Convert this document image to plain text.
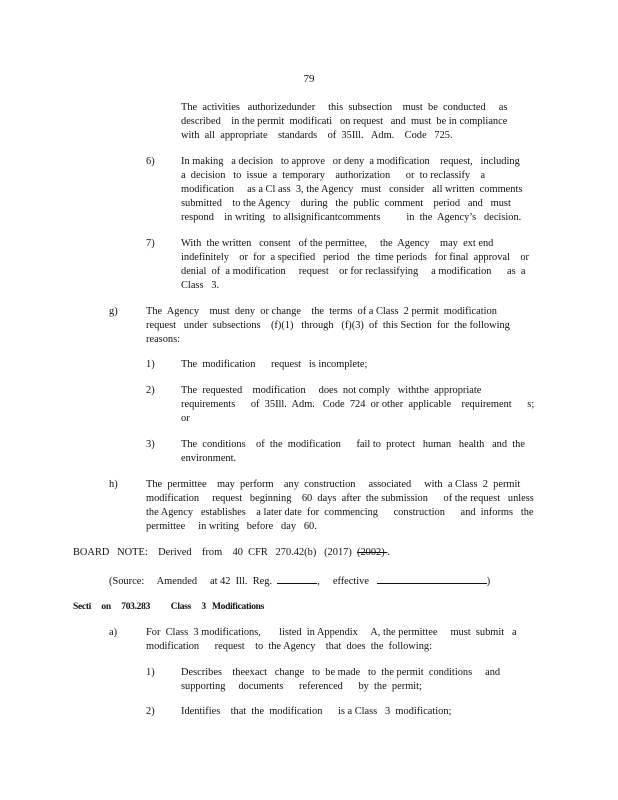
79
The  activities   authorizedunder     this  subsection    must  be  conducted     as
described    in the permit  modificati   on request   and  must  be in compliance
with  all  appropriate    standards    of  35Ill.   Adm.    Code   725.
6)	In making   a decision   to approve   or deny  a modification    request,   including
a  decision   to  issue  a  temporary    authorization      or  to reclassify    a
modification     as a Cl ass  3, the Agency   must   consider   all written  comments
submitted    to the Agency    during   the  public  comment    period   and   must
respond    in writing   to allsignificantcomments          in  the  Agency’s   decision.
7)	With  the written   consent   of the permittee,     the  Agency    may  ext end
indefinitely    or  for  a specified   period   the  time periods   for final  approval    or
denial  of  a modification     request    or for reclassifying     a modification      as  a
Class   3.
g)	The  Agency    must  deny  or change    the  terms  of a Class  2 permit  modification
request   under  subsections    (f)(1)   through   (f)(3)  of  this Section  for  the following
reasons:
1)	The  modification      request   is incomplete;
2)	The  requested    modification     does  not comply   withthe  appropriate
requirements      of  35Ill.  Adm.   Code  724  or other  applicable    requirement      s;
or
3)	The  conditions    of  the  modification      fail to  protect   human   health   and  the
environment.
h)	The  permittee    may  perform    any  construction     associated     with  a Class  2  permit
modification     request   beginning    60  days  after  the submission      of the request   unless
the Agency   establishes    a later date  for  commencing      construction      and  informs   the
permittee     in writing   before   day   60.
BOARD   NOTE:    Derived    from    40  CFR   270.42(b)   (2017)  (2002) .
(Source:     Amended     at 42  Ill.  Reg.	,     effective	)
Secti on 703.283 Class     3   Modifications
a)	For  Class  3 modifications,       listed  in Appendix     A, the permittee     must  submit   a
modification      request    to  the Agency    that  does  the  following:
1)	Describes    theexact   change   to  be made   to  the permit  conditions     and
supporting     documents      referenced      by  the  permit;
2)	Identifies    that  the  modification      is a Class   3  modification;
